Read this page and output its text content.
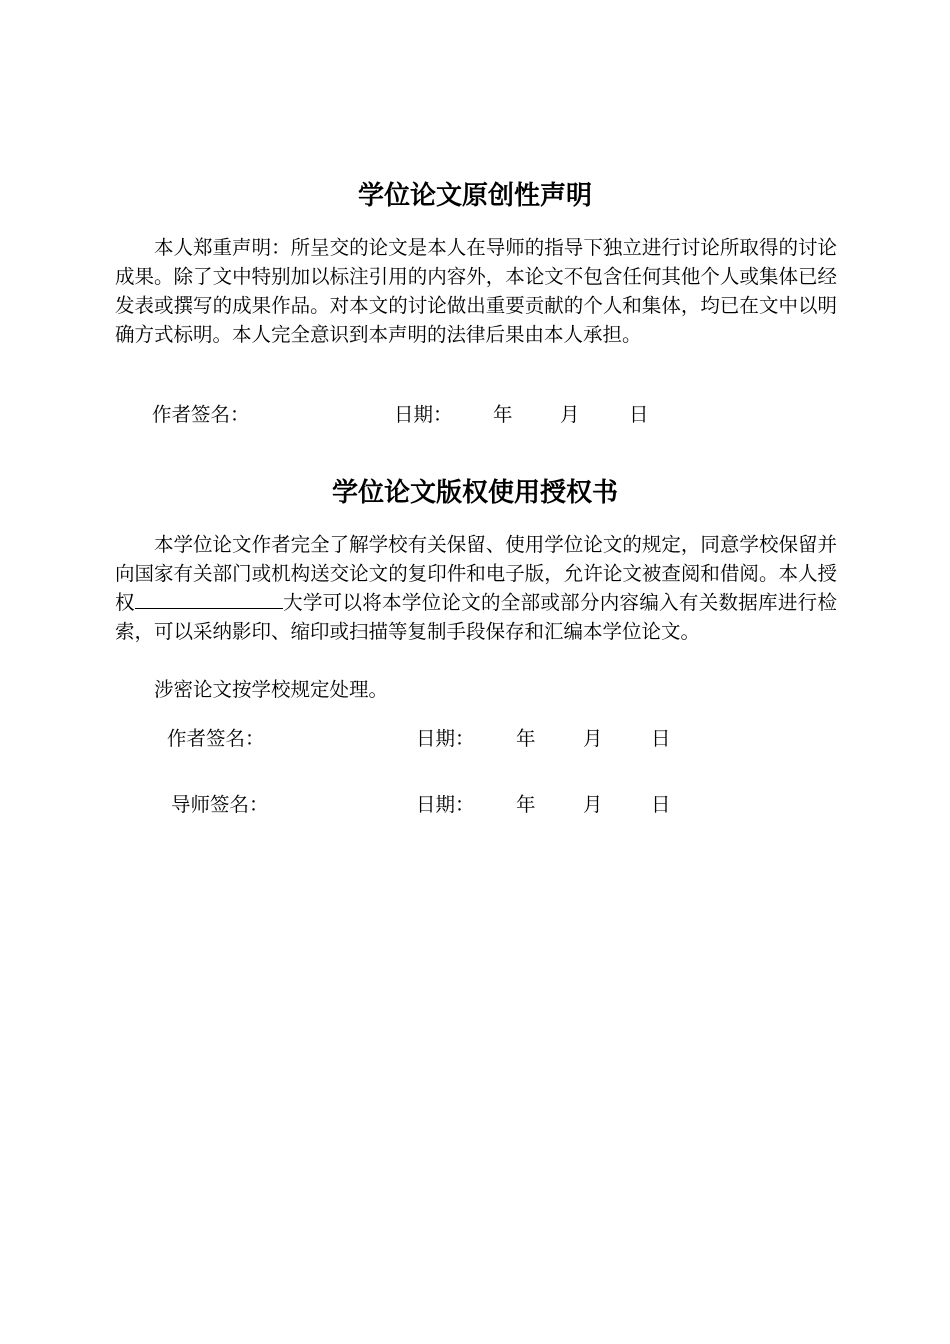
学位论文原创性声明

本人郑重声明：所呈交的论文是本人在导师的指导下独立进行讨论所取得的讨论成果。除了文中特别加以标注引用的内容外，本论文不包含任何其他个人或集体已经发表或撰写的成果作品。对本文的讨论做出重要贡献的个人和集体，均已在文中以明确方式标明。本人完全意识到本声明的法律后果由本人承担。

作者签名：	日期： 年 月	日
学位论文版权使用授权书

本学位论文作者完全了解学校有关保留、使用学位论文的规定，同意学校保留并向国家有关部门或机构送交论文的复印件和电子版，允许论文被查阅和借阅。本人授权	大学可以将本学位论文的全部或部分内容编入有关数据库进行检索，可以采纳影印、缩印或扫描等复制手段保存和汇编本学位论文。

涉密论文按学校规定处理。

作者签名：	日期： 年 月 日
导师签名：	日期： 年 月 日
